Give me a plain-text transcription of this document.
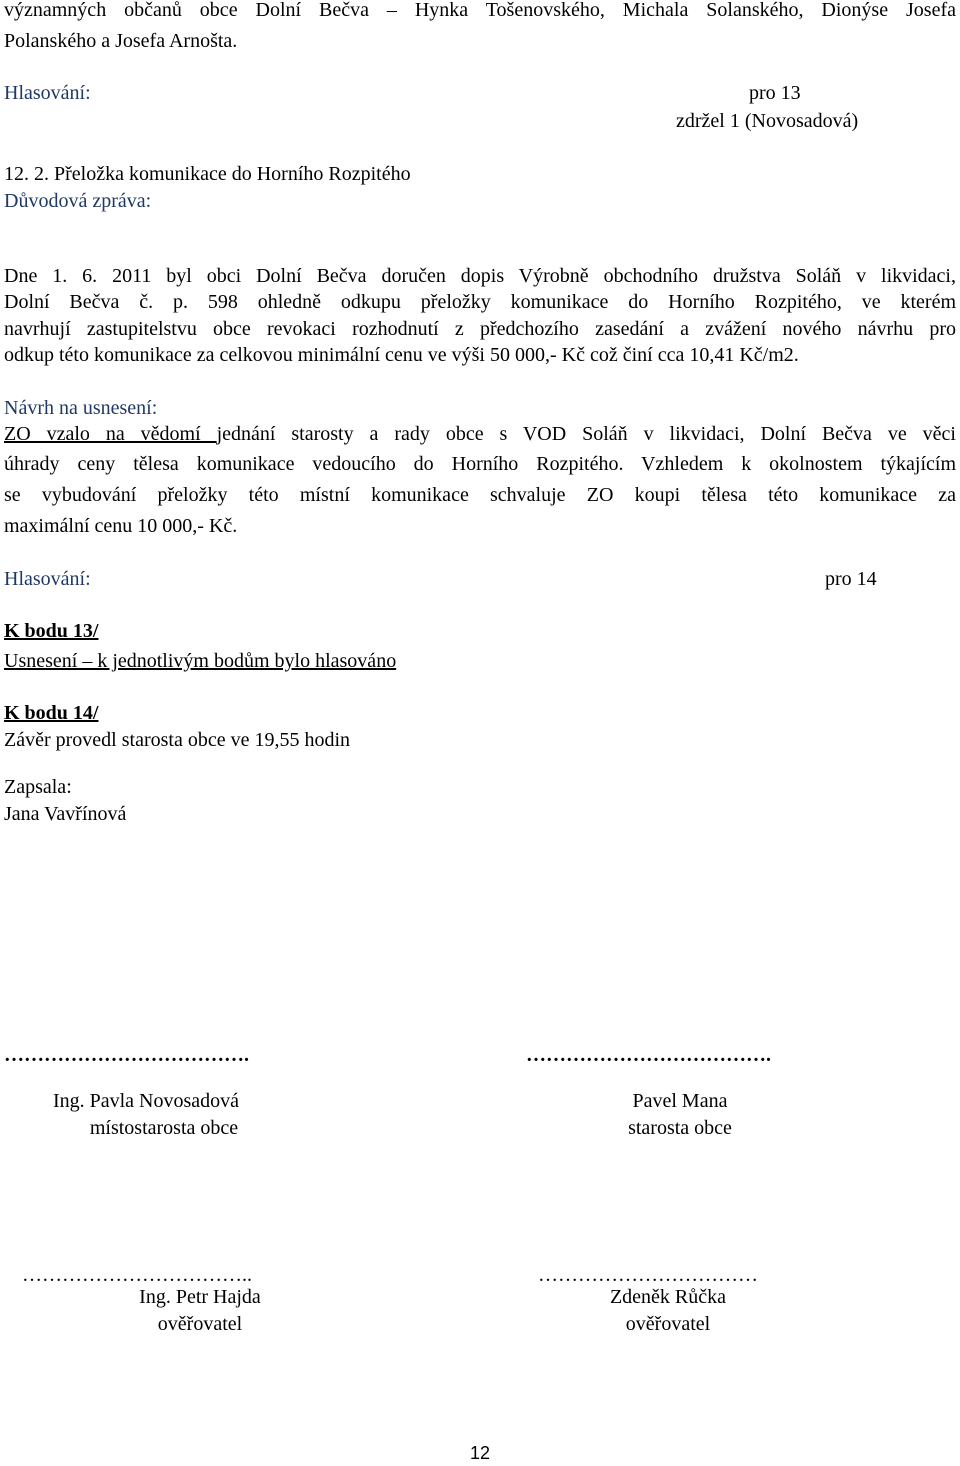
významných občanů obce Dolní Bečva – Hynka Tošenovského, Michala Solanského, Dionýse Josefa
Polanského a Josefa Arnošta.
Hlasování:	pro 13
zdržel 1 (Novosadová)
12. 2. Přeložka komunikace do Horního Rozpitého
Důvodová zpráva:
Dne 1. 6. 2011 byl obci Dolní Bečva doručen dopis Výrobně obchodního družstva Soláň v likvidaci,
Dolní Bečva č. p. 598 ohledně odkupu přeložky komunikace do Horního Rozpitého, ve kterém
navrhují zastupitelstvu obce revokaci rozhodnutí z předchozího zasedání a zvážení nového návrhu pro
odkup této komunikace za celkovou minimální cenu ve výši 50 000,- Kč což činí cca 10,41 Kč/m2.
Návrh na usnesení:
ZO vzalo na vědomí jednání starosty a rady obce s VOD Soláň v likvidaci, Dolní Bečva ve věci
úhrady ceny tělesa komunikace vedoucího do Horního Rozpitého. Vzhledem k okolnostem týkajícím
se vybudování přeložky této místní komunikace schvaluje ZO koupi tělesa této komunikace za
maximální cenu 10 000,- Kč.
Hlasování:	pro 14
K bodu 13/
Usnesení – k jednotlivým bodům bylo hlasováno
K bodu 14/
Závěr provedl starosta obce ve 19,55 hodin
Zapsala:
Jana Vavřínová
……………………………….	……………………………….
Ing. Pavla Novosadová
místostarosta obce
Pavel Mana
starosta obce
……………………………..	……………………………
Ing. Petr Hajda
ověřovatel
Zdeněk Růčka
ověřovatel
12
